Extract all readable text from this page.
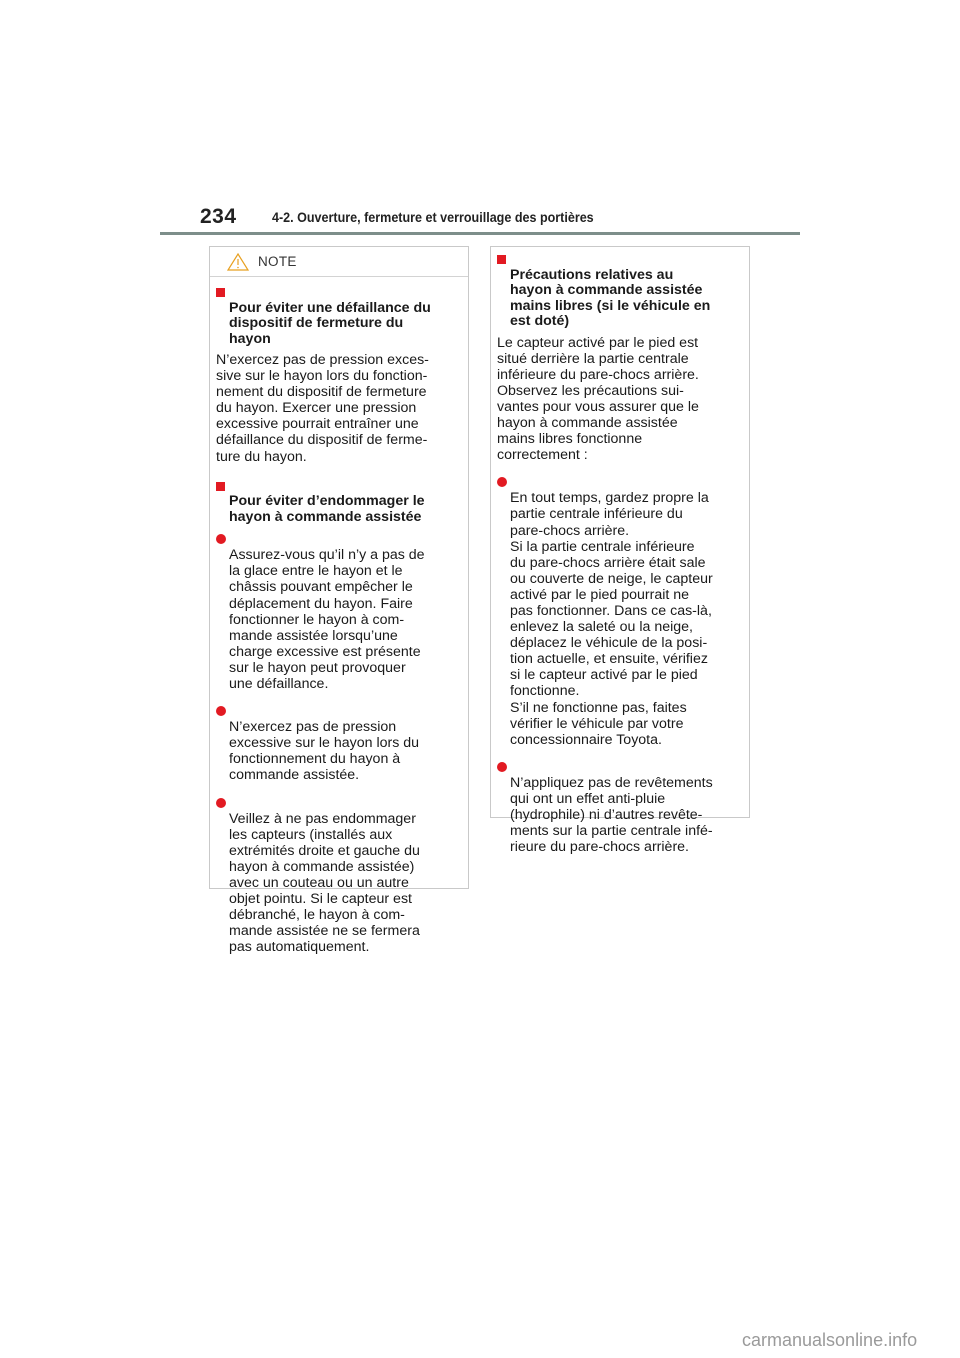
234	4-2. Ouverture, fermeture et verrouillage des portières
NOTE

Pour éviter une défaillance du
dispositif de fermeture du
hayon

N’exercez pas de pression exces-
sive sur le hayon lors du fonction-
nement du dispositif de fermeture
du hayon. Exercer une pression
excessive pourrait entraîner une
défaillance du dispositif de ferme-
ture du hayon.

Pour éviter d’endommager le
hayon à commande assistée

Assurez-vous qu’il n’y a pas de
la glace entre le hayon et le
châssis pouvant empêcher le
déplacement du hayon. Faire
fonctionner le hayon à com-
mande assistée lorsqu’une
charge excessive est présente
sur le hayon peut provoquer
une défaillance.

N’exercez pas de pression
excessive sur le hayon lors du
fonctionnement du hayon à
commande assistée.

Veillez à ne pas endommager
les capteurs (installés aux
extrémités droite et gauche du
hayon à commande assistée)
avec un couteau ou un autre
objet pointu. Si le capteur est
débranché, le hayon à com-
mande assistée ne se fermera
pas automatiquement.

Précautions relatives au
hayon à commande assistée
mains libres (si le véhicule en
est doté)

Le capteur activé par le pied est
situé derrière la partie centrale
inférieure du pare-chocs arrière.
Observez les précautions sui-
vantes pour vous assurer que le
hayon à commande assistée
mains libres fonctionne
correctement :

En tout temps, gardez propre la
partie centrale inférieure du
pare-chocs arrière.
Si la partie centrale inférieure
du pare-chocs arrière était sale
ou couverte de neige, le capteur
activé par le pied pourrait ne
pas fonctionner. Dans ce cas-là,
enlevez la saleté ou la neige,
déplacez le véhicule de la posi-
tion actuelle, et ensuite, vérifiez
si le capteur activé par le pied
fonctionne.
S’il ne fonctionne pas, faites
vérifier le véhicule par votre
concessionnaire Toyota.

N’appliquez pas de revêtements
qui ont un effet anti-pluie
(hydrophile) ni d’autres revête-
ments sur la partie centrale infé-
rieure du pare-chocs arrière.

carmanualsonline.info
